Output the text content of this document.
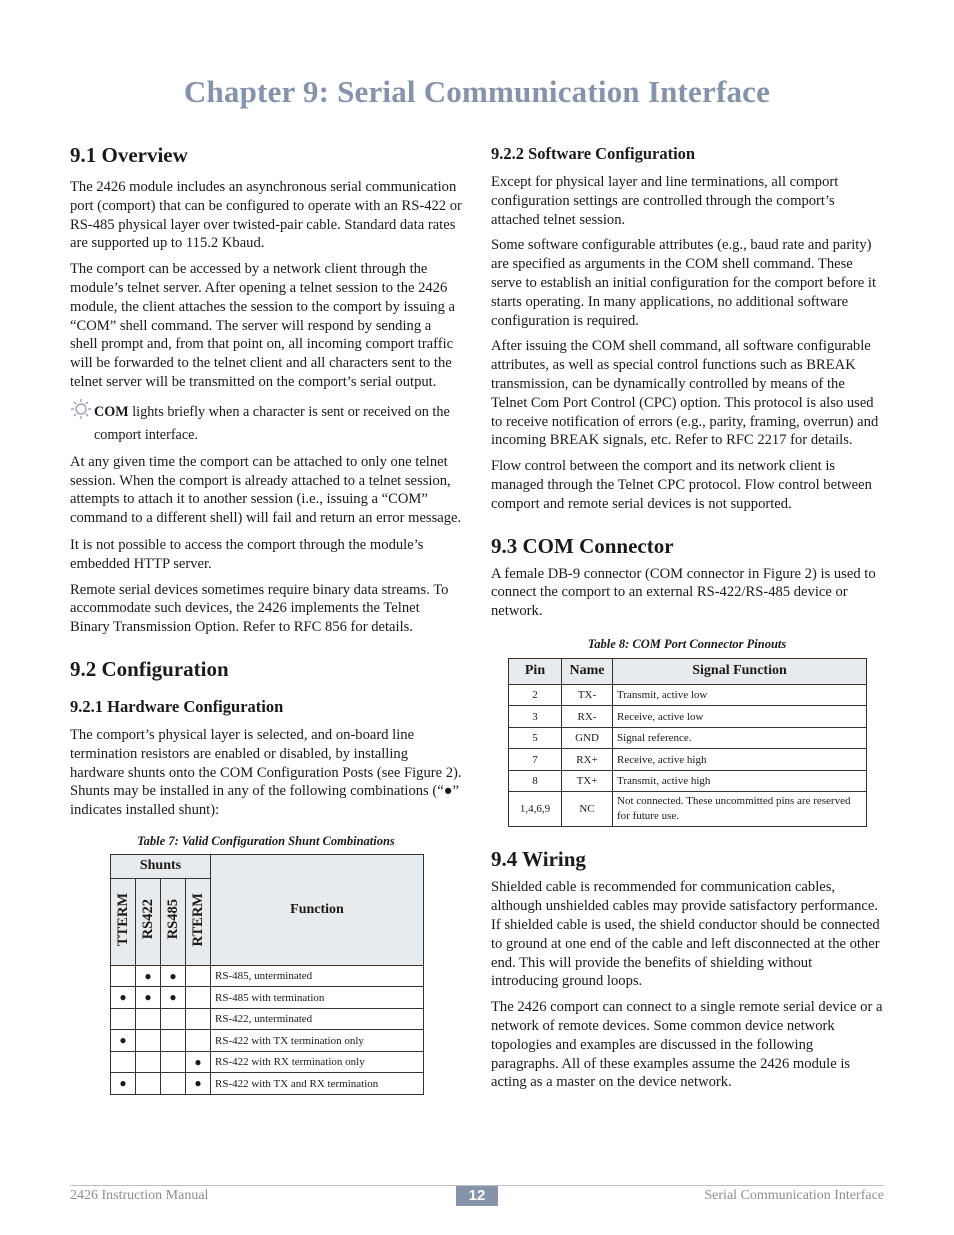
Chapter 9: Serial Communication Interface
9.1 Overview

The 2426 module includes an asynchronous serial communication port (comport) that can be configured to operate with an RS-422 or RS-485 physical layer over twisted-pair cable. Standard data rates are supported up to 115.2 Kbaud.

The comport can be accessed by a network client through the module’s telnet server. After opening a telnet session to the 2426 module, the client attaches the session to the comport by issuing a “COM” shell command. The server will respond by sending a shell prompt and, from that point on, all incoming comport traffic will be forwarded to the telnet client and all characters sent to the telnet server will be transmitted on the comport’s serial output.

COM lights briefly when a character is sent or received on the comport interface.

At any given time the comport can be attached to only one telnet session. When the comport is already attached to a telnet session, attempts to attach it to another session (i.e., issuing a “COM” command to a different shell) will fail and return an error message.

It is not possible to access the comport through the module’s embedded HTTP server.

Remote serial devices sometimes require binary data streams. To accommodate such devices, the 2426 implements the Telnet Binary Transmission Option. Refer to RFC 856 for details.

9.2 Configuration
9.2.1 Hardware Configuration

The comport’s physical layer is selected, and on-board line termination resistors are enabled or disabled, by installing hardware shunts onto the COM Configuration Posts (see Figure 2). Shunts may be installed in any of the following combinations (“●” indicates installed shunt):

Table 7: Valid Configuration Shunt Combinations
Shunts				Function
TTERM	RS422	RS485	RTERM	
	●	●		RS-485, unterminated
●	●	●		RS-485 with termination
				RS-422, unterminated
●				RS-422 with TX termination only
			●	RS-422 with RX termination only
●			●	RS-422 with TX and RX termination
9.2.2 Software Configuration

Except for physical layer and line terminations, all comport configuration settings are controlled through the comport’s attached telnet session.

Some software configurable attributes (e.g., baud rate and parity) are specified as arguments in the COM shell command. These serve to establish an initial configuration for the comport before it starts operating. In many applications, no additional software configuration is required.

After issuing the COM shell command, all software configurable attributes, as well as special control functions such as BREAK transmission, can be dynamically controlled by means of the Telnet Com Port Control (CPC) option. This protocol is also used to receive notification of errors (e.g., parity, framing, overrun) and incoming BREAK signals, etc. Refer to RFC 2217 for details.

Flow control between the comport and its network client is managed through the Telnet CPC protocol. Flow control between comport and remote serial devices is not supported.

9.3 COM Connector

A female DB-9 connector (COM connector in Figure 2) is used to connect the comport to an external RS-422/RS-485 device or network.

Table 8: COM Port Connector Pinouts
Pin	Name	Signal Function
2	TX-	Transmit, active low
3	RX-	Receive, active low
5	GND	Signal reference.
7	RX+	Receive, active high
8	TX+	Transmit, active high
1,4,6,9	NC	Not connected. These uncommitted pins are reserved for future use.
9.4 Wiring

Shielded cable is recommended for communication cables, although unshielded cables may provide satisfactory performance. If shielded cable is used, the shield conductor should be connected to ground at one end of the cable and left disconnected at the other end. This will provide the benefits of shielding without introducing ground loops.

The 2426 comport can connect to a single remote serial device or a network of remote devices. Some common device network topologies and examples are discussed in the following paragraphs. All of these examples assume the 2426 module is acting as a master on the device network.

2426 Instruction Manual	12	Serial Communication Interface
